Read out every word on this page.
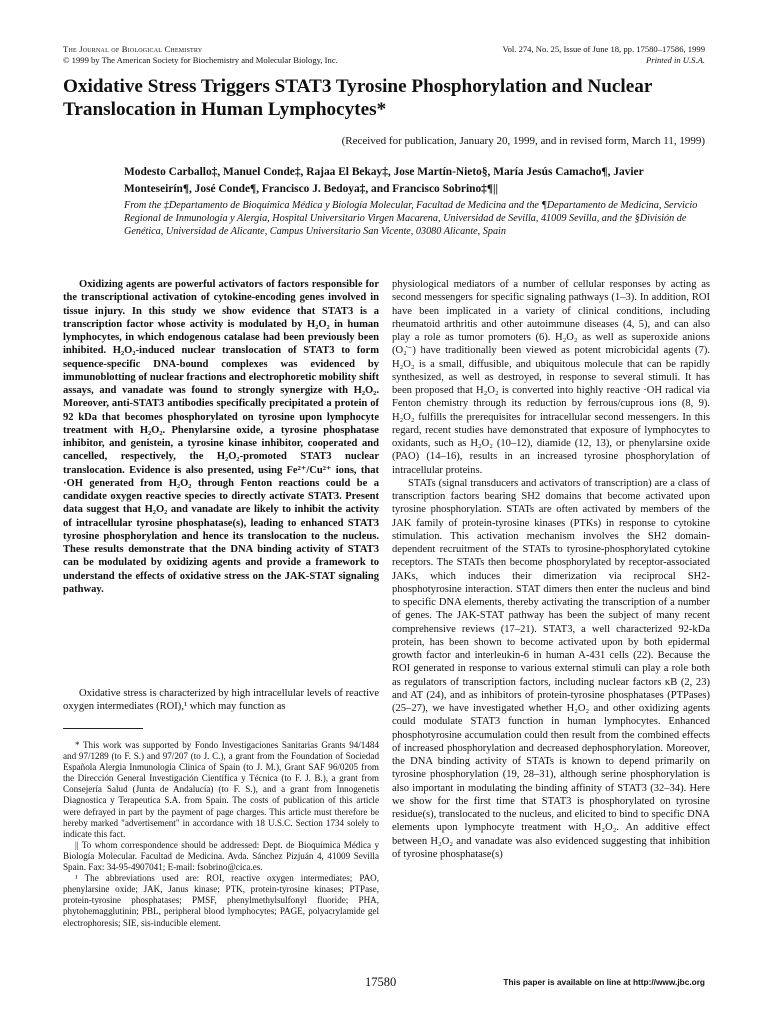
The Journal of Biological Chemistry
© 1999 by The American Society for Biochemistry and Molecular Biology, Inc.
Vol. 274, No. 25, Issue of June 18, pp. 17580–17586, 1999
Printed in U.S.A.
Oxidative Stress Triggers STAT3 Tyrosine Phosphorylation and Nuclear Translocation in Human Lymphocytes*
(Received for publication, January 20, 1999, and in revised form, March 11, 1999)
Modesto Carballo‡, Manuel Conde‡, Rajaa El Bekay‡, Jose Martín-Nieto§, María Jesús Camacho¶, Javier Monteseirín¶, José Conde¶, Francisco J. Bedoya‡, and Francisco Sobrino‡¶||
From the ‡Departamento de Bioquímica Médica y Biología Molecular, Facultad de Medicina and the ¶Departamento de Medicina, Servicio Regional de Inmunología y Alergia, Hospital Universitario Virgen Macarena, Universidad de Sevilla, 41009 Sevilla, and the §División de Genética, Universidad de Alicante, Campus Universitario San Vicente, 03080 Alicante, Spain
Oxidizing agents are powerful activators of factors responsible for the transcriptional activation of cytokine-encoding genes involved in tissue injury. In this study we show evidence that STAT3 is a transcription factor whose activity is modulated by H₂O₂ in human lymphocytes, in which endogenous catalase had been previously been inhibited. H₂O₂-induced nuclear translocation of STAT3 to form sequence-specific DNA-bound complexes was evidenced by immunoblotting of nuclear fractions and electrophoretic mobility shift assays, and vanadate was found to strongly synergize with H₂O₂. Moreover, anti-STAT3 antibodies specifically precipitated a protein of 92 kDa that becomes phosphorylated on tyrosine upon lymphocyte treatment with H₂O₂. Phenylarsine oxide, a tyrosine phosphatase inhibitor, and genistein, a tyrosine kinase inhibitor, cooperated and cancelled, respectively, the H₂O₂-promoted STAT3 nuclear translocation. Evidence is also presented, using Fe²⁺/Cu²⁺ ions, that ·OH generated from H₂O₂ through Fenton reactions could be a candidate oxygen reactive species to directly activate STAT3. Present data suggest that H₂O₂ and vanadate are likely to inhibit the activity of intracellular tyrosine phosphatase(s), leading to enhanced STAT3 tyrosine phosphorylation and hence its translocation to the nucleus. These results demonstrate that the DNA binding activity of STAT3 can be modulated by oxidizing agents and provide a framework to understand the effects of oxidative stress on the JAK-STAT signaling pathway.
Oxidative stress is characterized by high intracellular levels of reactive oxygen intermediates (ROI),¹ which may function as

* This work was supported by Fondo Investigaciones Sanitarias Grants 94/1484 and 97/1289 (to F. S.) and 97/207 (to J. C.), a grant from the Foundation of Sociedad Española Alergia Inmunologia Clinica of Spain (to J. M.), Grant SAF 96/0205 from the Dirección General Investigación Científica y Técnica (to F. J. B.), a grant from Consejería Salud (Junta de Andalucía) (to F. S.), and a grant from Innogenetis Diagnostica y Terapeutica S.A. from Spain. The costs of publication of this article were defrayed in part by the payment of page charges. This article must therefore be hereby marked "advertisement" in accordance with 18 U.S.C. Section 1734 solely to indicate this fact.

|| To whom correspondence should be addressed: Dept. de Bioquímica Médica y Biología Molecular. Facultad de Medicina. Avda. Sánchez Pizjuán 4, 41009 Sevilla Spain. Fax: 34-95-4907041; E-mail: fsobrino@cica.es.

¹ The abbreviations used are: ROI, reactive oxygen intermediates; PAO, phenylarsine oxide; JAK, Janus kinase; PTK, protein-tyrosine kinases; PTPase, protein-tyrosine phosphatases; PMSF, phenylmethylsulfonyl fluoride; PHA, phytohemagglutinin; PBL, peripheral blood lymphocytes; PAGE, polyacrylamide gel electrophoresis; SIE, sis-inducible element.

physiological mediators of a number of cellular responses by acting as second messengers for specific signaling pathways (1–3). In addition, ROI have been implicated in a variety of clinical conditions, including rheumatoid arthritis and other autoimmune diseases (4, 5), and can also play a role as tumor promoters (6). H₂O₂ as well as superoxide anions (O₂̇⁻) have traditionally been viewed as potent microbicidal agents (7). H₂O₂ is a small, diffusible, and ubiquitous molecule that can be rapidly synthesized, as well as destroyed, in response to several stimuli. It has been proposed that H₂O₂ is converted into highly reactive ·OH radical via Fenton chemistry through its reduction by ferrous/cuprous ions (8, 9). H₂O₂ fulfills the prerequisites for intracellular second messengers. In this regard, recent studies have demonstrated that exposure of lymphocytes to oxidants, such as H₂O₂ (10–12), diamide (12, 13), or phenylarsine oxide (PAO) (14–16), results in an increased tyrosine phosphorylation of intracellular proteins.

STATs (signal transducers and activators of transcription) are a class of transcription factors bearing SH2 domains that become activated upon tyrosine phosphorylation. STATs are often activated by members of the JAK family of protein-tyrosine kinases (PTKs) in response to cytokine stimulation. This activation mechanism involves the SH2 domain-dependent recruitment of the STATs to tyrosine-phosphorylated cytokine receptors. The STATs then become phosphorylated by receptor-associated JAKs, which induces their dimerization via reciprocal SH2-phosphotyrosine interaction. STAT dimers then enter the nucleus and bind to specific DNA elements, thereby activating the transcription of a number of genes. The JAK-STAT pathway has been the subject of many recent comprehensive reviews (17–21). STAT3, a well characterized 92-kDa protein, has been shown to become activated upon by both epidermal growth factor and interleukin-6 in human A-431 cells (22). Because the ROI generated in response to various external stimuli can play a role both as regulators of transcription factors, including nuclear factors κB (2, 23) and AT (24), and as inhibitors of protein-tyrosine phosphatases (PTPases) (25–27), we have investigated whether H₂O₂ and other oxidizing agents could modulate STAT3 function in human lymphocytes. Enhanced phosphotyrosine accumulation could then result from the combined effects of increased phosphorylation and decreased dephosphorylation. Moreover, the DNA binding activity of STATs is known to depend primarily on tyrosine phosphorylation (19, 28–31), although serine phosphorylation is also important in modulating the binding affinity of STAT3 (32–34). Here we show for the first time that STAT3 is phosphorylated on tyrosine residue(s), translocated to the nucleus, and elicited to bind to specific DNA elements upon lymphocyte treatment with H₂O₂. An additive effect between H₂O₂ and vanadate was also evidenced suggesting that inhibition of tyrosine phosphatase(s)

17580	This paper is available on line at http://www.jbc.org
